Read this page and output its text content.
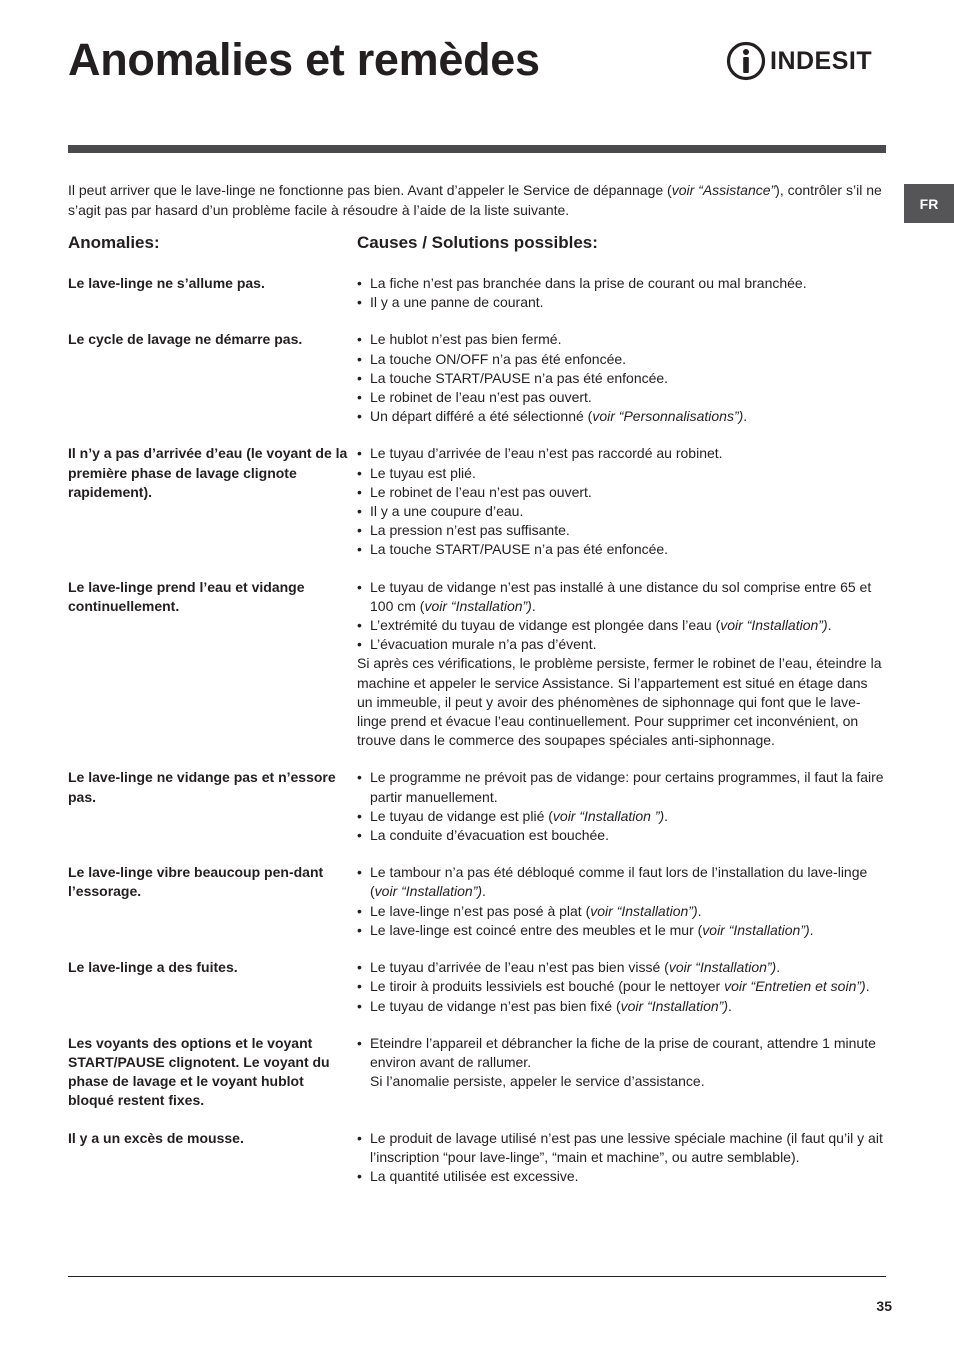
Anomalies et remèdes	INDESIT
FR

Il peut arriver que le lave-linge ne fonctionne pas bien. Avant d’appeler le Service de dépannage (voir “Assistance”), contrôler s’il ne s’agit pas par hasard d’un problème facile à résoudre à l’aide de la liste suivante.

Anomalies:	Causes / Solutions possibles:
Le lave-linge ne s’allume pas.	• La fiche n’est pas branchée dans la prise de courant ou mal branchée.
• Il y a une panne de courant.
Le cycle de lavage ne démarre pas.	• Le hublot n’est pas bien fermé.
• La touche ON/OFF n’a pas été enfoncée.
• La touche START/PAUSE n’a pas été enfoncée.
• Le robinet de l’eau n’est pas ouvert.
• Un départ différé a été sélectionné (voir “Personnalisations”).
Il n’y a pas d’arrivée d’eau (le voyant de la première phase de lavage clignote rapidement).
• Le tuyau d’arrivée de l’eau n’est pas raccordé au robinet.
• Le tuyau est plié.
• Le robinet de l’eau n’est pas ouvert.
• Il y a une coupure d’eau.
• La pression n’est pas suffisante.
• La touche START/PAUSE n’a pas été enfoncée.
Le lave-linge prend l’eau et vidange continuellement.
• Le tuyau de vidange n’est pas installé à une distance du sol comprise entre 65 et 100 cm (voir “Installation”).
• L’extrémité du tuyau de vidange est plongée dans l’eau (voir “Installation”).
• L’évacuation murale n’a pas d’évent.

Si après ces vérifications, le problème persiste, fermer le robinet de l’eau, éteindre la machine et appeler le service Assistance. Si l’appartement est situé en étage dans un immeuble, il peut y avoir des phénomènes de siphonnage qui font que le lave-linge prend et évacue l’eau continuellement. Pour supprimer cet inconvénient, on trouve dans le commerce des soupapes spéciales anti-siphonnage.

Le lave-linge ne vidange pas et n’essore pas.
• Le programme ne prévoit pas de vidange: pour certains programmes, il faut la faire partir manuellement.
• Le tuyau de vidange est plié (voir “Installation ”).
• La conduite d’évacuation est bouchée.
Le lave-linge vibre beaucoup pen-dant l’essorage.
• Le tambour n’a pas été débloqué comme il faut lors de l’installation du lave-linge (voir “Installation”).
• Le lave-linge n’est pas posé à plat (voir “Installation”).
• Le lave-linge est coincé entre des meubles et le mur (voir “Installation”).
Le lave-linge a des fuites.	• Le tuyau d’arrivée de l’eau n’est pas bien vissé (voir “Installation”).
• Le tiroir à produits lessiviels est bouché (pour le nettoyer voir “Entretien et soin”).
• Le tuyau de vidange n’est pas bien fixé (voir “Installation”).
Les voyants des options et le voyant START/PAUSE clignotent. Le voyant du phase de lavage et le voyant hublot bloqué restent fixes.
• Eteindre l’appareil et débrancher la fiche de la prise de courant, attendre 1 minute environ avant de rallumer.
Si l’anomalie persiste, appeler le service d’assistance.
Il y a un excès de mousse.	• Le produit de lavage utilisé n’est pas une lessive spéciale machine (il faut qu’il y ait l’inscription “pour lave-linge”, “main et machine”, ou autre semblable).
• La quantité utilisée est excessive.
35
